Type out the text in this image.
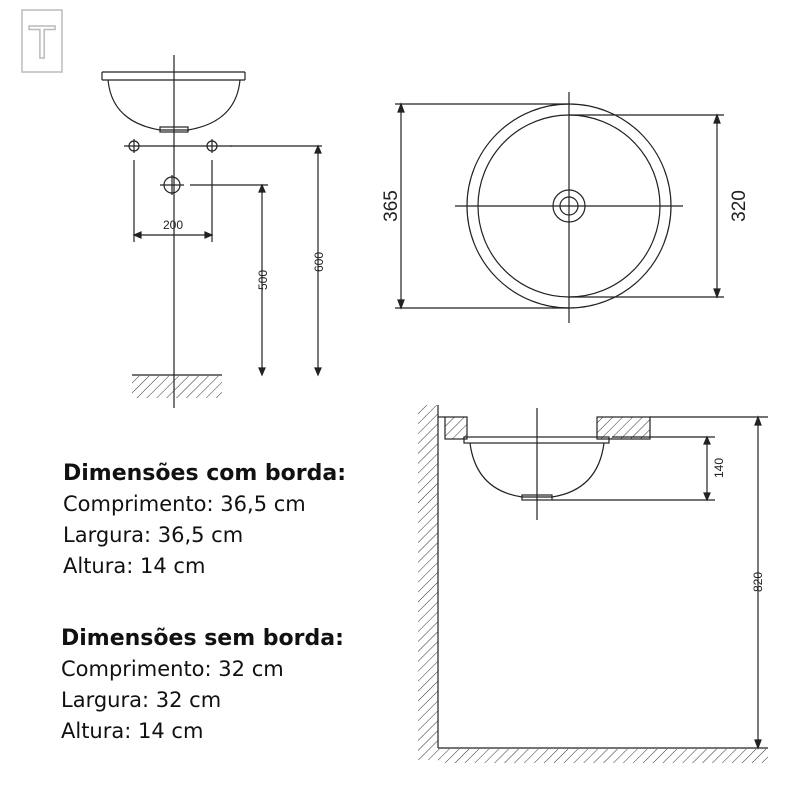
T
200
500
600
365	320
140
820
Dimensões com borda:
Comprimento: 36,5 cm
Largura: 36,5 cm
Altura: 14 cm
Dimensões sem borda:
Comprimento: 32 cm
Largura: 32 cm
Altura: 14 cm
